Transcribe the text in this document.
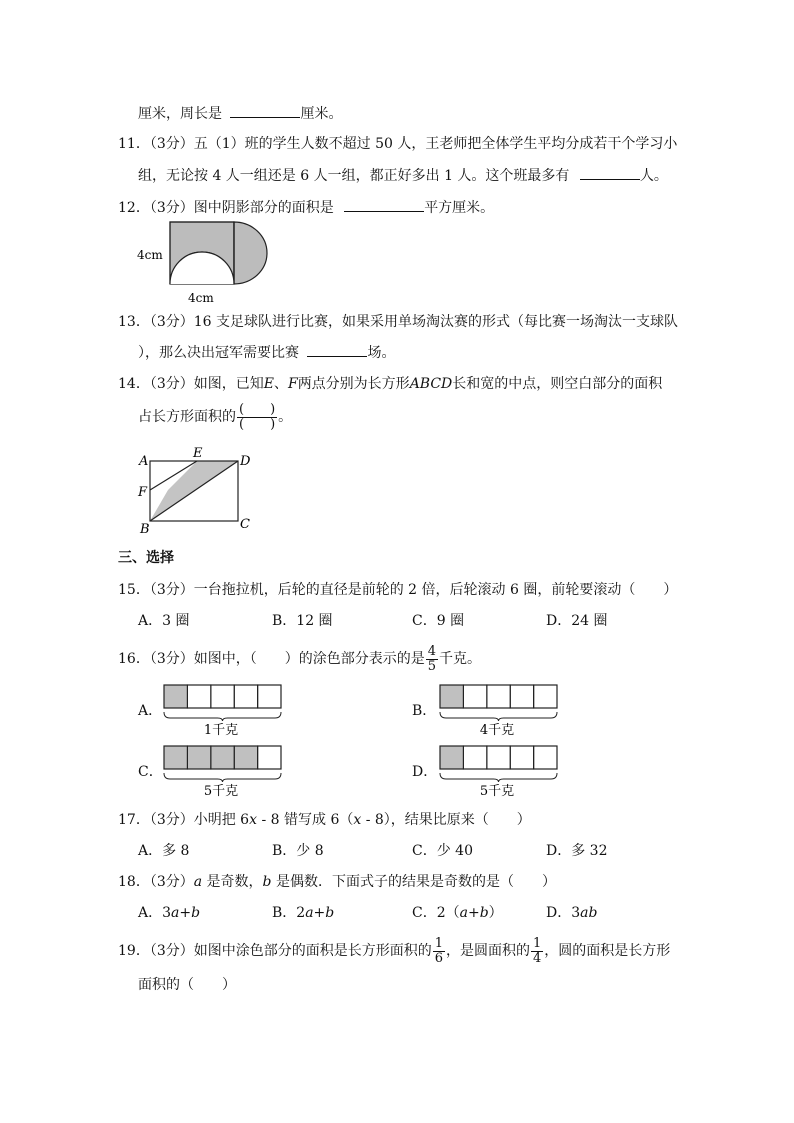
厘米，周长是	厘米。
11．（3分）五（1）班的学生人数不超过 50 人，王老师把全体学生平均分成若干个学习小
组，无论按 4 人一组还是 6 人一组，都正好多出 1 人。这个班最多有	人。
12．（3分）图中阴影部分的面积是	平方厘米。
4cm
4cm
13．（3分）16 支足球队进行比赛，如果采用单场淘汰赛的形式（每比赛一场淘汰一支球队
），那么决出冠军需要比赛	场。
14．（3分）如图，已知E、F两点分别为长方形ABCD长和宽的中点，则空白部分的面积
占长方形面积的 $\frac{( )}{( )}$ 。
A
E
D
F
B	C
三、选择
15．（3分）一台拖拉机，后轮的直径是前轮的 2 倍，后轮滚动 6 圈，前轮要滚动（　　）
A．3 圈	B．12 圈	C．9 圈	D．24 圈
16．（3分）如图中，（　　）的涂色部分表示的是 $\frac{4}{5}$ 千克。
A．	B．
C．	D．
1千克	4千克
5千克	5千克
17．（3分）小明把 6x - 8 错写成 6（x - 8），结果比原来（　　）
A．多 8	B．少 8	C．少 40	D．多 32
18．（3分）a 是奇数，b 是偶数．下面式子的结果是奇数的是（　　）
A．3a+b	B．2a+b	C．2（a+b）	D．3ab
19．（3分）如图中涂色部分的面积是长方形面积的 $\frac{1}{6}$ ，是圆面积的 $\frac{1}{4}$ ，圆的面积是长方形
面积的（　　）
